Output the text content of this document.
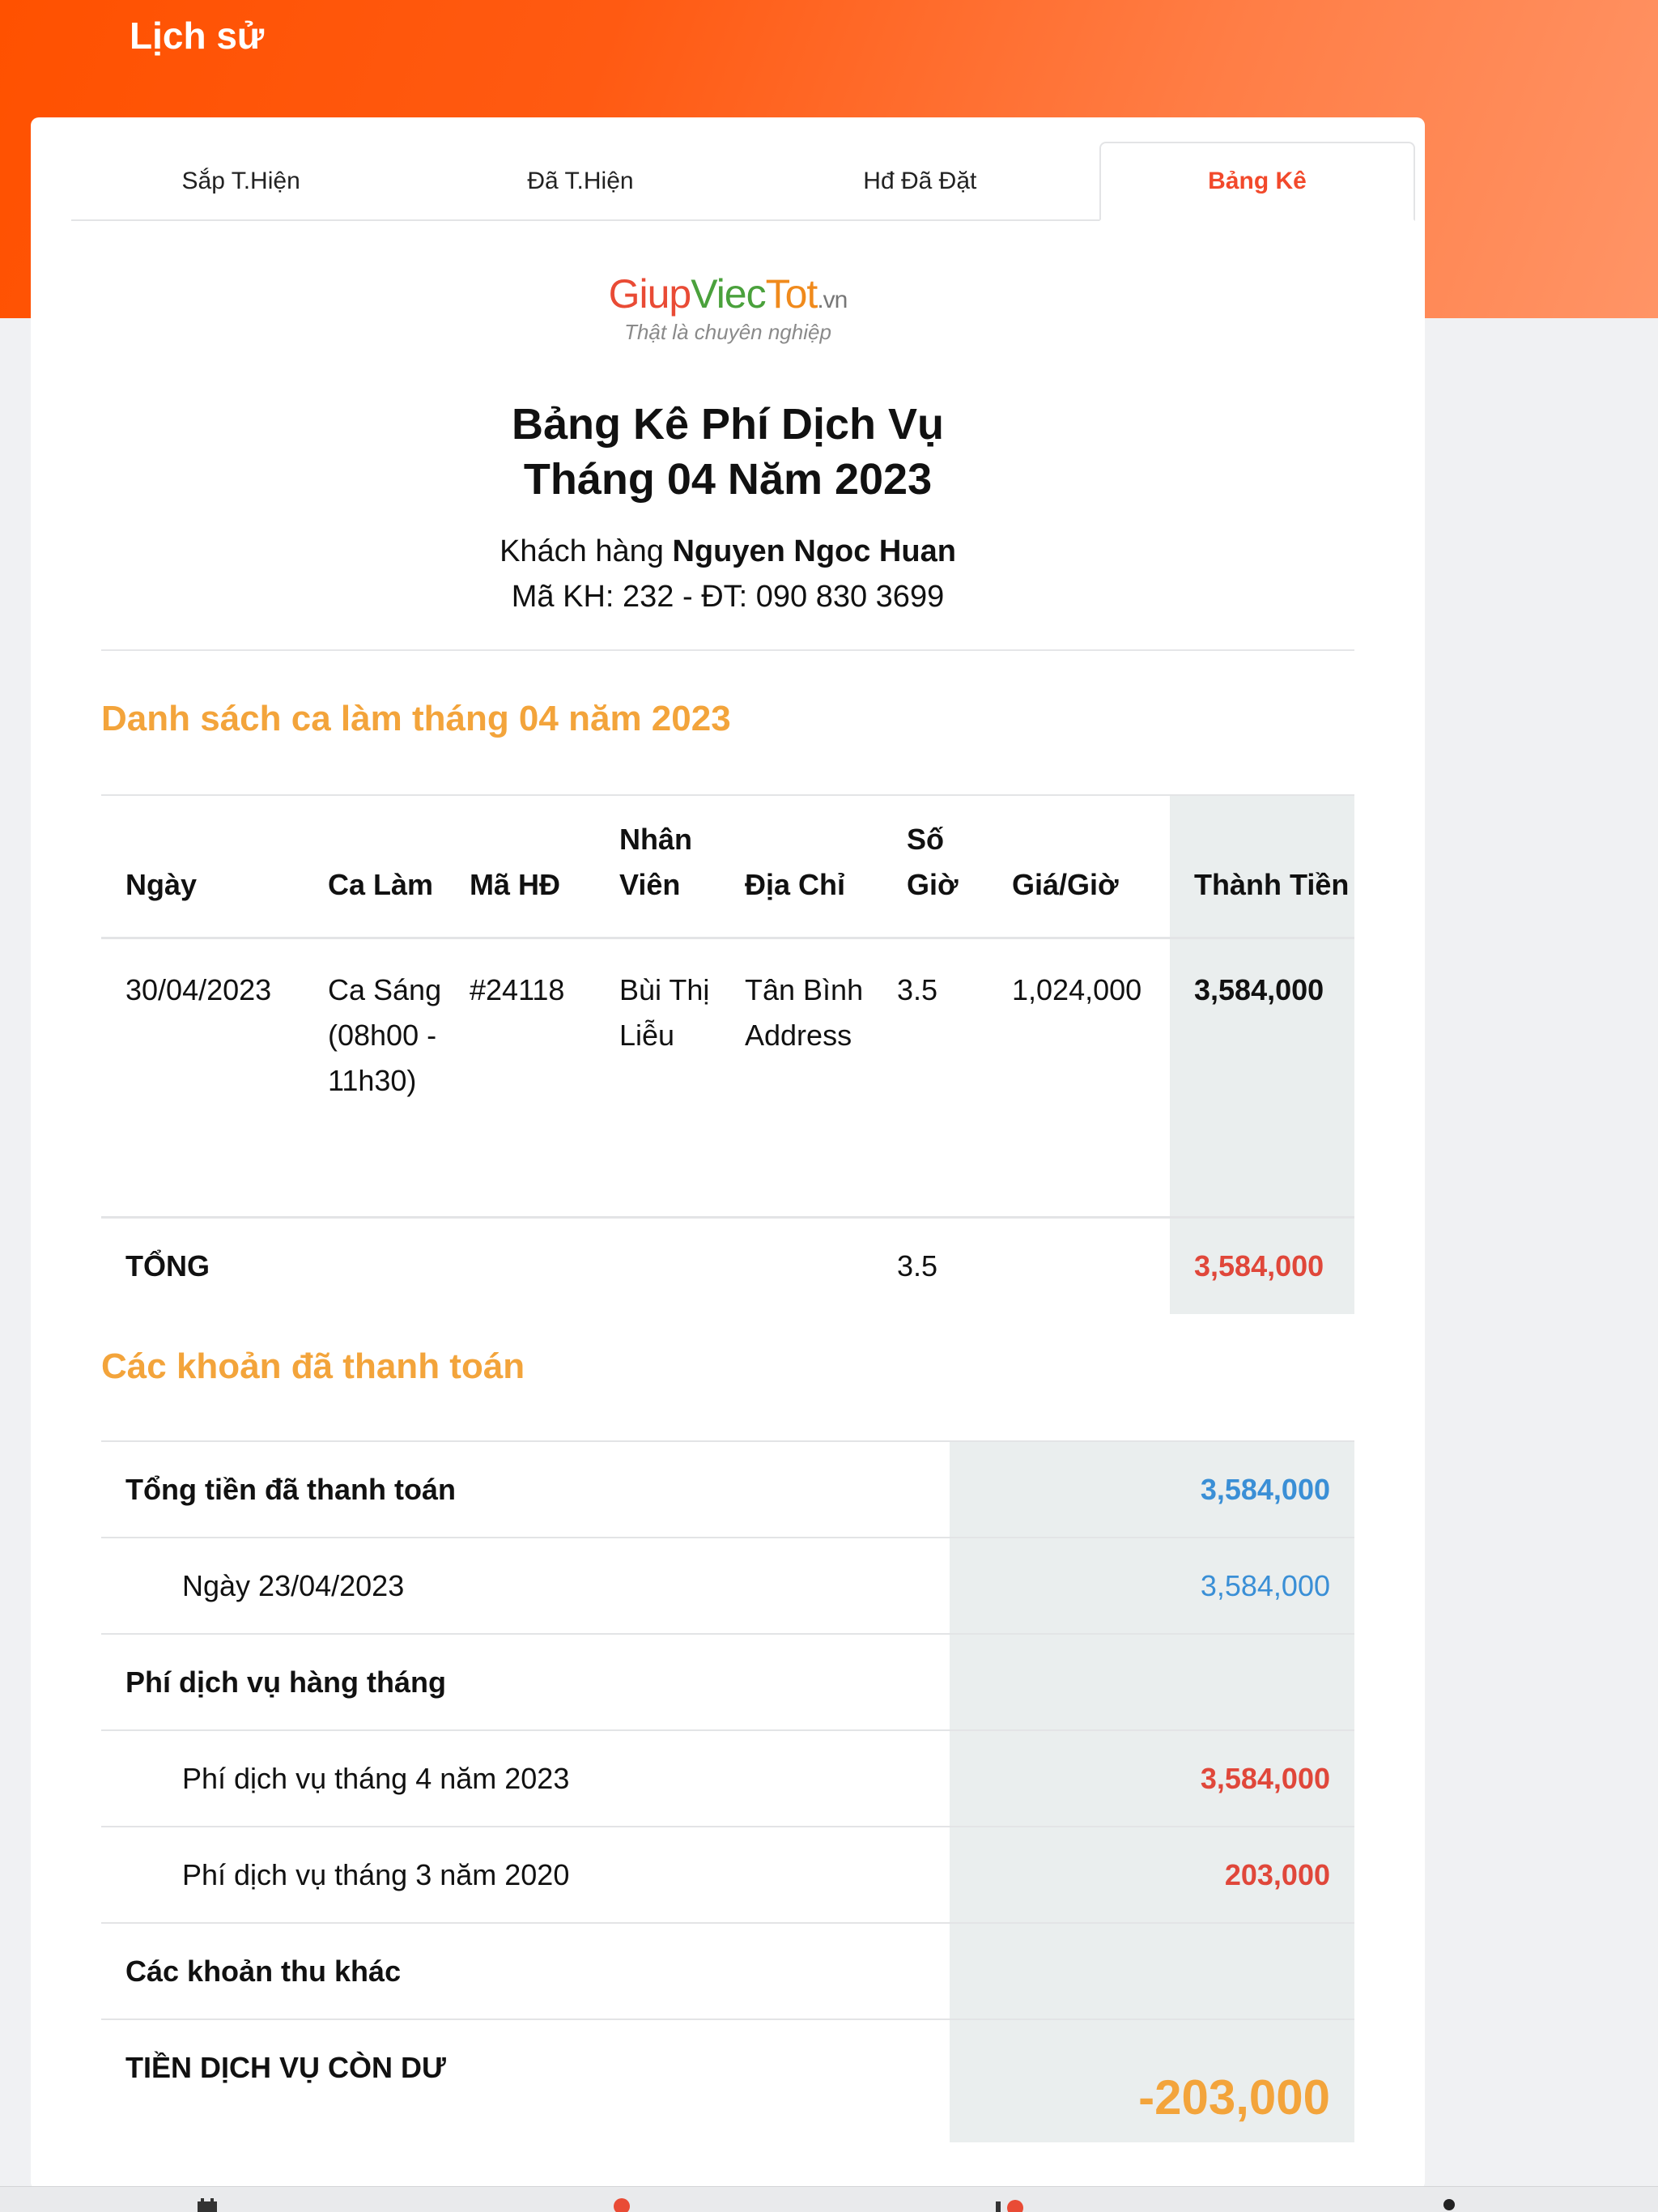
Lịch sử
Sắp T.Hiện	Đã T.Hiện	Hđ Đã Đặt	Bảng Kê
GiupViecTot.vn
Thật là chuyên nghiệp
Bảng Kê Phí Dịch Vụ
Tháng 04 Năm 2023
Khách hàng Nguyen Ngoc Huan
Mã KH: 232 - ĐT: 090 830 3699
Danh sách ca làm tháng 04 năm 2023
Ngày	Ca Làm	Mã HĐ	Nhân Viên	Địa Chỉ	Số Giờ	Giá/Giờ	Thành Tiền
30/04/2023	Ca Sáng (08h00 - 11h30)	#24118	Bùi Thị Liễu	Tân Bình Address	3.5	1,024,000	3,584,000
TỔNG					3.5		3,584,000
Các khoản đã thanh toán
Tổng tiền đã thanh toán	3,584,000
Ngày 23/04/2023	3,584,000
Phí dịch vụ hàng tháng	
Phí dịch vụ tháng 4 năm 2023	3,584,000
Phí dịch vụ tháng 3 năm 2020	203,000
Các khoản thu khác	
TIỀN DỊCH VỤ CÒN DƯ	-203,000
